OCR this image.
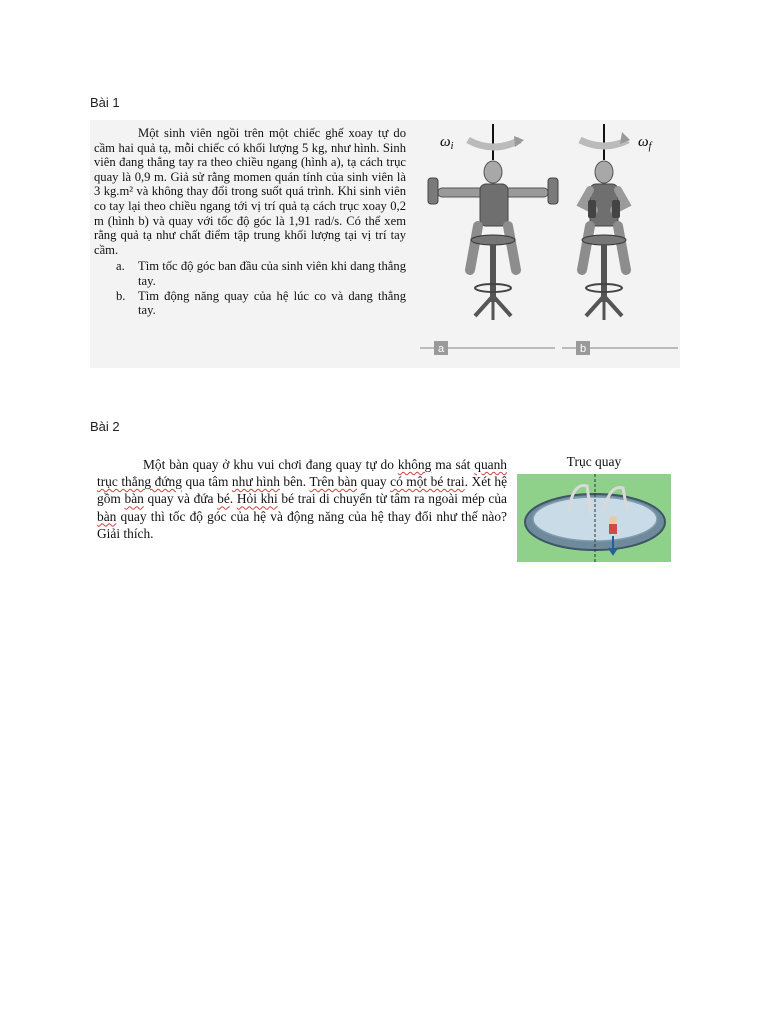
Bài 1

Một sinh viên ngồi trên một chiếc ghế xoay tự do cầm hai quả tạ, mỗi chiếc có khối lượng 5 kg, như hình. Sinh viên đang thẳng tay ra theo chiều ngang (hình a), tạ cách trục quay là 0,9 m. Giả sử rằng momen quán tính của sinh viên là 3 kg.m² và không thay đổi trong suốt quá trình. Khi sinh viên co tay lại theo chiều ngang tới vị trí quả tạ cách trục xoay 0,2 m (hình b) và quay với tốc độ góc là 1,91 rad/s. Có thể xem rằng quả tạ như chất điểm tập trung khối lượng tại vị trí tay cầm.

a. Tìm tốc độ góc ban đầu của sinh viên khi dang thẳng tay.
b. Tìm động năng quay của hệ lúc co và dang thẳng tay.
$\omega_i$	$\omega_f$
a	b
Bài 2

Một bàn quay ở khu vui chơi đang quay tự do không ma sát quanh trục thẳng đứng qua tâm như hình bên. Trên bàn quay có một bé trai. Xét hệ gồm bàn quay và đứa bé. Hỏi khi bé trai di chuyển từ tâm ra ngoài mép của bàn quay thì tốc độ góc của hệ và động năng của hệ thay đổi như thế nào? Giải thích.

Trục quay
